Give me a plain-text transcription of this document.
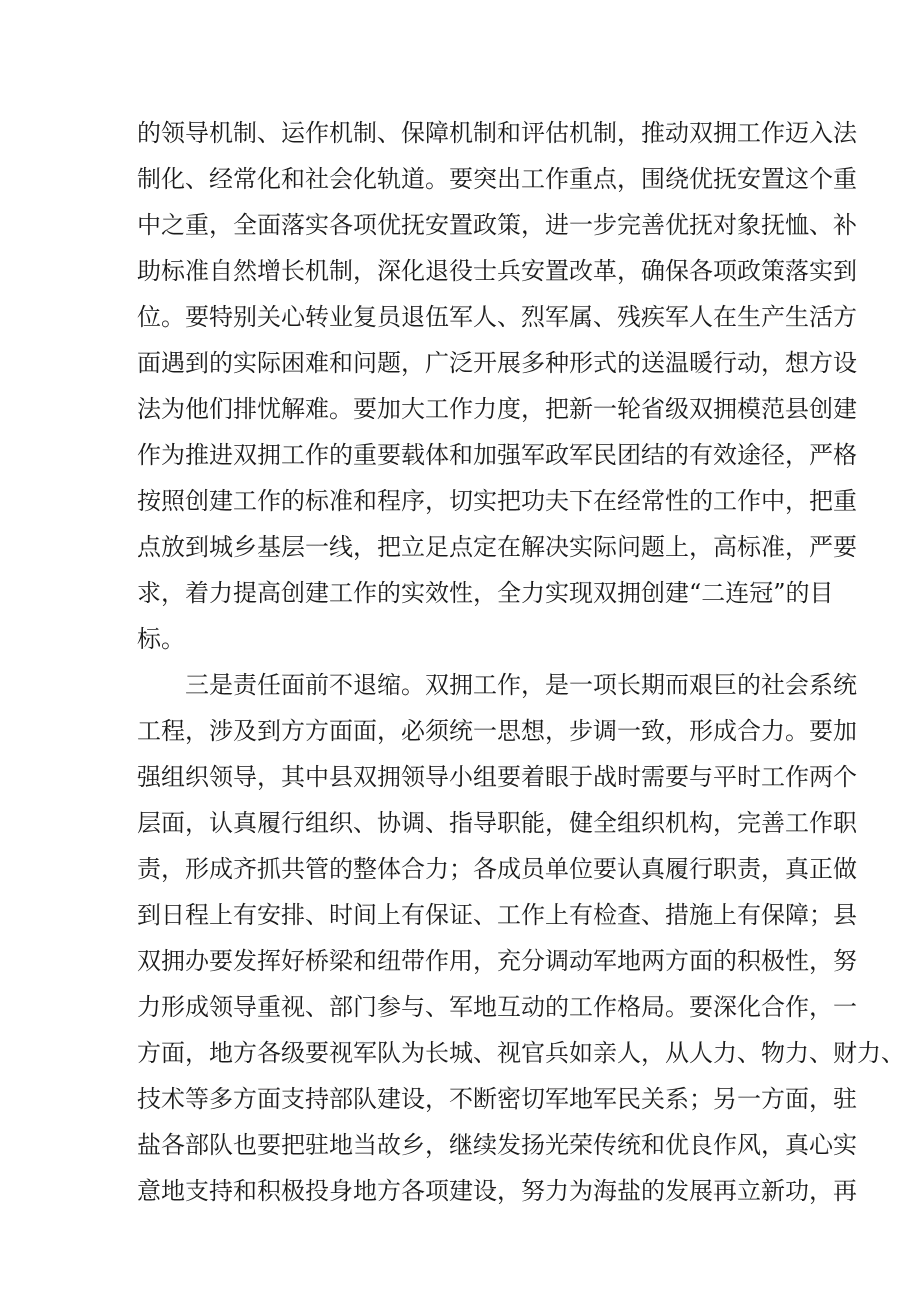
的领导机制、运作机制、保障机制和评估机制，推动双拥工作迈入法
制化、经常化和社会化轨道。要突出工作重点，围绕优抚安置这个重
中之重，全面落实各项优抚安置政策，进一步完善优抚对象抚恤、补
助标准自然增长机制，深化退役士兵安置改革，确保各项政策落实到
位。要特别关心转业复员退伍军人、烈军属、残疾军人在生产生活方
面遇到的实际困难和问题，广泛开展多种形式的送温暖行动，想方设
法为他们排忧解难。要加大工作力度，把新一轮省级双拥模范县创建
作为推进双拥工作的重要载体和加强军政军民团结的有效途径，严格
按照创建工作的标准和程序，切实把功夫下在经常性的工作中，把重
点放到城乡基层一线，把立足点定在解决实际问题上，高标准，严要
求，着力提高创建工作的实效性，全力实现双拥创建“二连冠”的目
标。
三是责任面前不退缩。双拥工作，是一项长期而艰巨的社会系统
工程，涉及到方方面面，必须统一思想，步调一致，形成合力。要加
强组织领导，其中县双拥领导小组要着眼于战时需要与平时工作两个
层面，认真履行组织、协调、指导职能，健全组织机构，完善工作职
责，形成齐抓共管的整体合力；各成员单位要认真履行职责，真正做
到日程上有安排、时间上有保证、工作上有检查、措施上有保障；县
双拥办要发挥好桥梁和纽带作用，充分调动军地两方面的积极性，努
力形成领导重视、部门参与、军地互动的工作格局。要深化合作，一
方面，地方各级要视军队为长城、视官兵如亲人，从人力、物力、财力、
技术等多方面支持部队建设，不断密切军地军民关系；另一方面，驻
盐各部队也要把驻地当故乡，继续发扬光荣传统和优良作风，真心实
意地支持和积极投身地方各项建设，努力为海盐的发展再立新功，再
